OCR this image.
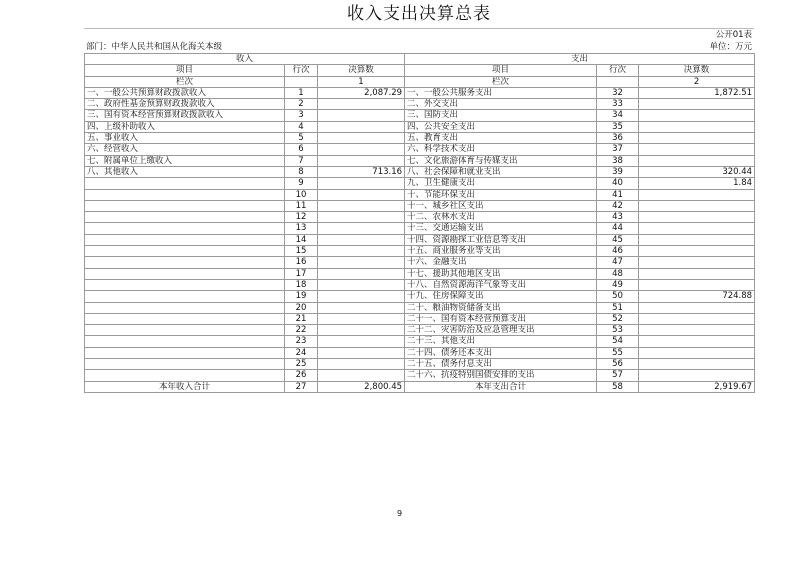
收入支出决算总表
		公开01表
部门：中华人民共和国从化海关本级		单位：万元
收入			支出		
项目	行次	决算数	项目	行次	决算数
栏次		1	栏次		2
一、一般公共预算财政拨款收入	1	2,087.29	一、一般公共服务支出	32	1,872.51
二、政府性基金预算财政拨款收入	2		二、外交支出	33	
三、国有资本经营预算财政拨款收入	3		三、国防支出	34	
四、上级补助收入	4		四、公共安全支出	35	
五、事业收入	5		五、教育支出	36	
六、经营收入	6		六、科学技术支出	37	
七、附属单位上缴收入	7		七、文化旅游体育与传媒支出	38	
八、其他收入	8	713.16	八、社会保障和就业支出	39	320.44
	9		九、卫生健康支出	40	1.84
	10		十、节能环保支出	41	
	11		十一、城乡社区支出	42	
	12		十二、农林水支出	43	
	13		十三、交通运输支出	44	
	14		十四、资源勘探工业信息等支出	45	
	15		十五、商业服务业等支出	46	
	16		十六、金融支出	47	
	17		十七、援助其他地区支出	48	
	18		十八、自然资源海洋气象等支出	49	
	19		十九、住房保障支出	50	724.88
	20		二十、粮油物资储备支出	51	
	21		二十一、国有资本经营预算支出	52	
	22		二十二、灾害防治及应急管理支出	53	
	23		二十三、其他支出	54	
	24		二十四、债务还本支出	55	
	25		二十五、债务付息支出	56	
	26		二十六、抗疫特别国债安排的支出	57	
本年收入合计	27	2,800.45	本年支出合计	58	2,919.67
9
